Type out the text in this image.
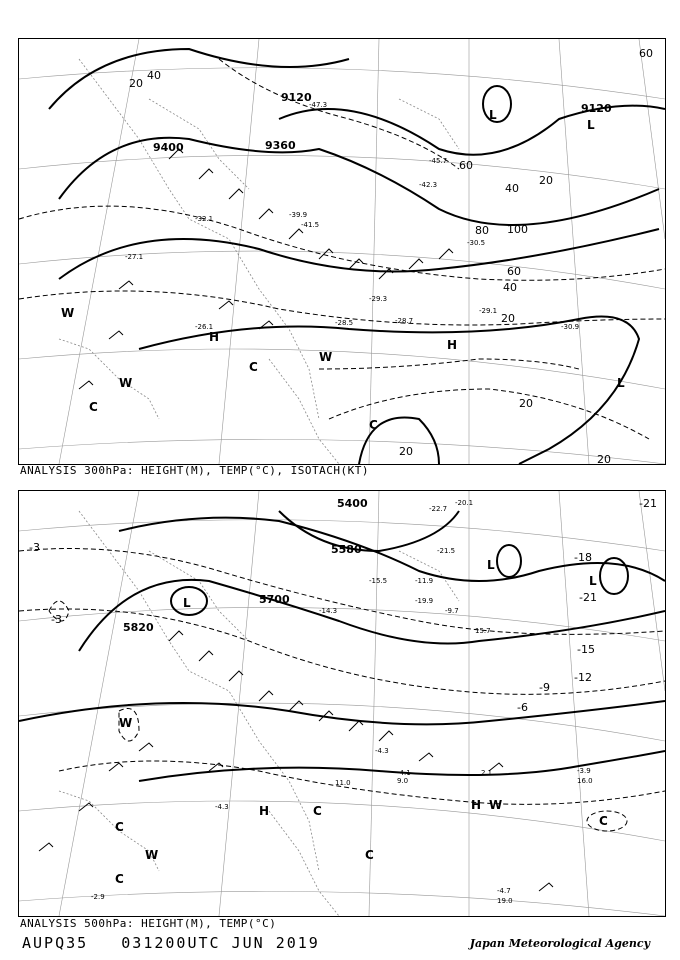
9120
9120
9360
9400
20
40
60
80 100
60
40
20
20
40
60
20
20
20
L
L
H
H
W
W
W
C
C
C
L
-39.9
-41.5
-27.1
-32.1
-29.3
-28.7
-29.1
-30.9
-28.5
-26.1
-45.7
-47.3
-42.3
-30.5
ANALYSIS 300hPa: HEIGHT(M), TEMP(°C), ISOTACH(KT)
5400
5580
5700
5820
-21
-21
-18
-15
-12
-9
-6
-3
-3
L
L
L
H	H
W
W
W
C
C
C
C
C
-20.1
-22.7
-21.5
-19.9
-15.5
-14.3
-11.9
-9.7
-4.3
-4.1	-3.9
-4.7
-2.9
-4.3
15.7
19.0
16.0
2.1
9.0
11.0
ANALYSIS 500hPa: HEIGHT(M), TEMP(°C)
AUPQ35 031200UTC JUN 2019	Japan Meteorological Agency
